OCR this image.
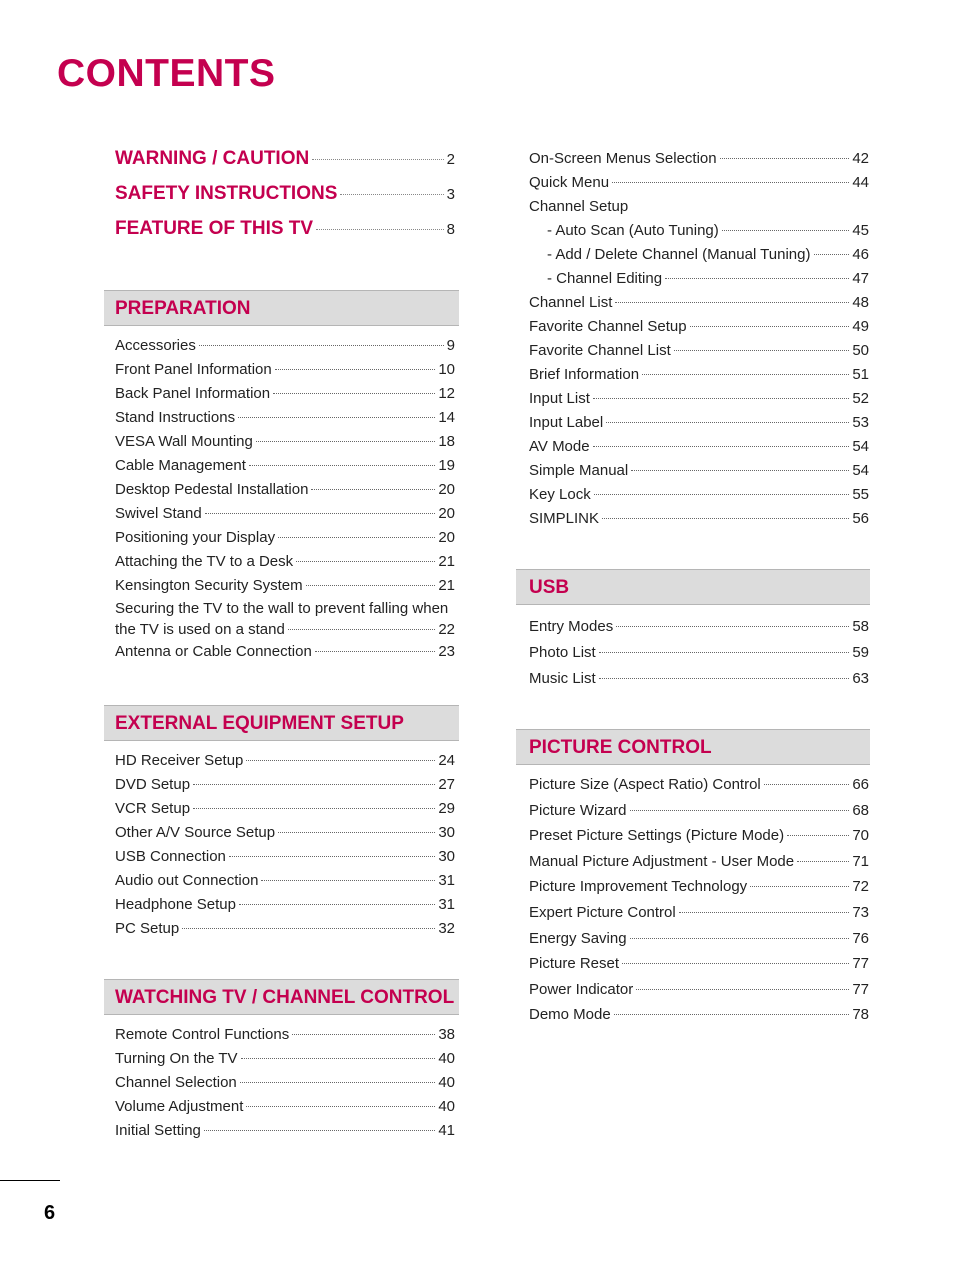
CONTENTS
WARNING / CAUTION	2
SAFETY INSTRUCTIONS	3
FEATURE OF THIS TV	8
PREPARATION
Accessories	9
Front Panel Information	10
Back Panel Information	12
Stand Instructions	14
VESA Wall Mounting	18
Cable Management	19
Desktop Pedestal Installation	20
Swivel Stand	20
Positioning your Display	20
Attaching the TV to a Desk	21
Kensington Security System	21
Securing the TV to the wall to prevent falling when
the TV is used on a stand	22
Antenna or Cable Connection	23
EXTERNAL EQUIPMENT SETUP
HD Receiver Setup	24
DVD Setup	27
VCR Setup	29
Other A/V Source Setup	30
USB Connection	30
Audio out Connection	31
Headphone Setup	31
PC Setup	32
WATCHING TV / CHANNEL CONTROL
Remote Control Functions	38
Turning On the TV	40
Channel Selection	40
Volume Adjustment	40
Initial Setting	41
On-Screen Menus Selection	42
Quick Menu	44
Channel Setup
- Auto Scan (Auto Tuning)	45
- Add / Delete Channel (Manual Tuning)	46
- Channel Editing	47
Channel List	48
Favorite Channel Setup	49
Favorite Channel List	50
Brief Information	51
Input List	52
Input Label	53
AV Mode	54
Simple Manual	54
Key Lock	55
SIMPLINK	56
USB
Entry Modes	58
Photo List	59
Music List	63
PICTURE CONTROL
Picture Size (Aspect Ratio) Control	66
Picture Wizard	68
Preset Picture Settings (Picture Mode)	70
Manual Picture Adjustment - User Mode	71
Picture Improvement Technology	72
Expert Picture Control	73
Energy Saving	76
Picture Reset	77
Power Indicator	77
Demo Mode	78
6
